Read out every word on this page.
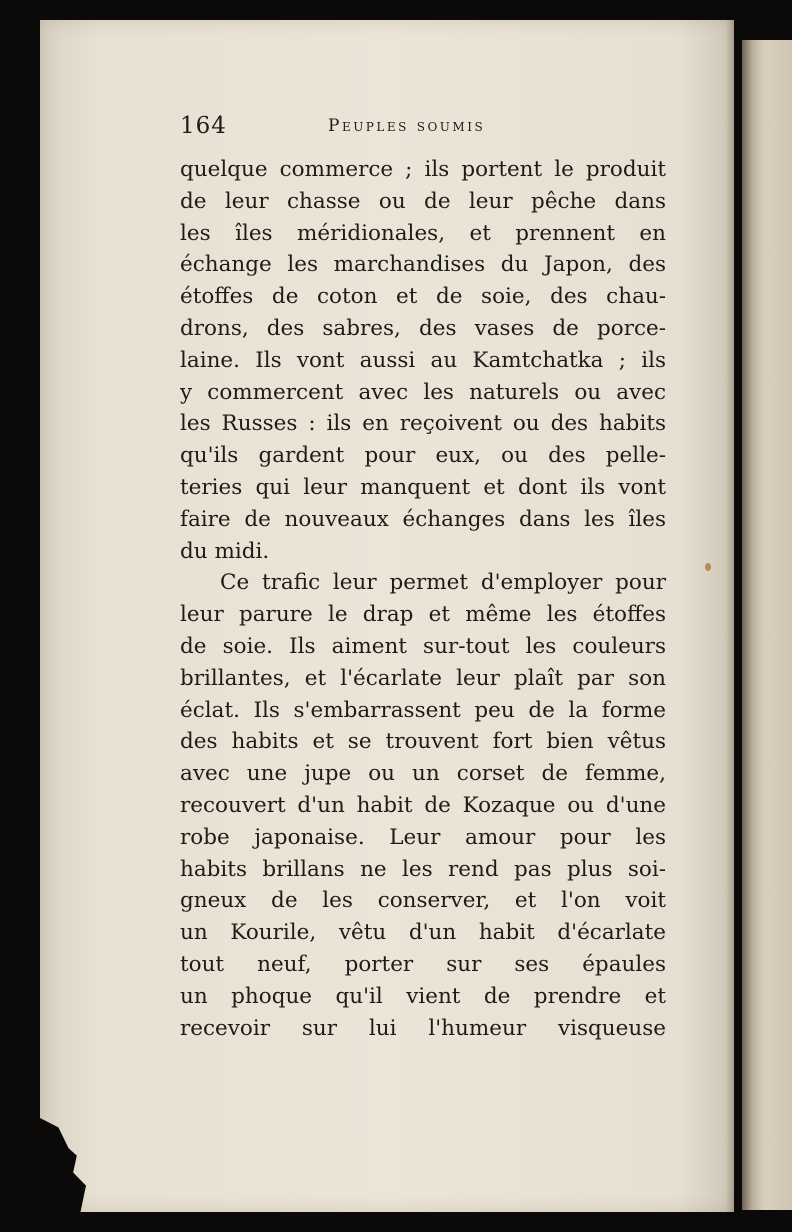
164	Peuples soumis
quelque commerce ; ils portent le produit
de leur chasse ou de leur pêche dans
les îles méridionales, et prennent en
échange les marchandises du Japon, des
étoffes de coton et de soie, des chau-
drons, des sabres, des vases de porce-
laine. Ils vont aussi au Kamtchatka ; ils
y commercent avec les naturels ou avec
les Russes : ils en reçoivent ou des habits
qu'ils gardent pour eux, ou des pelle-
teries qui leur manquent et dont ils vont
faire de nouveaux échanges dans les îles
du midi.
Ce trafic leur permet d'employer pour
leur parure le drap et même les étoffes
de soie. Ils aiment sur-tout les couleurs
brillantes, et l'écarlate leur plaît par son
éclat. Ils s'embarrassent peu de la forme
des habits et se trouvent fort bien vêtus
avec une jupe ou un corset de femme,
recouvert d'un habit de Kozaque ou d'une
robe japonaise. Leur amour pour les
habits brillans ne les rend pas plus soi-
gneux de les conserver, et l'on voit
un Kourile, vêtu d'un habit d'écarlate
tout neuf, porter sur ses épaules
un phoque qu'il vient de prendre et
recevoir sur lui l'humeur visqueuse
